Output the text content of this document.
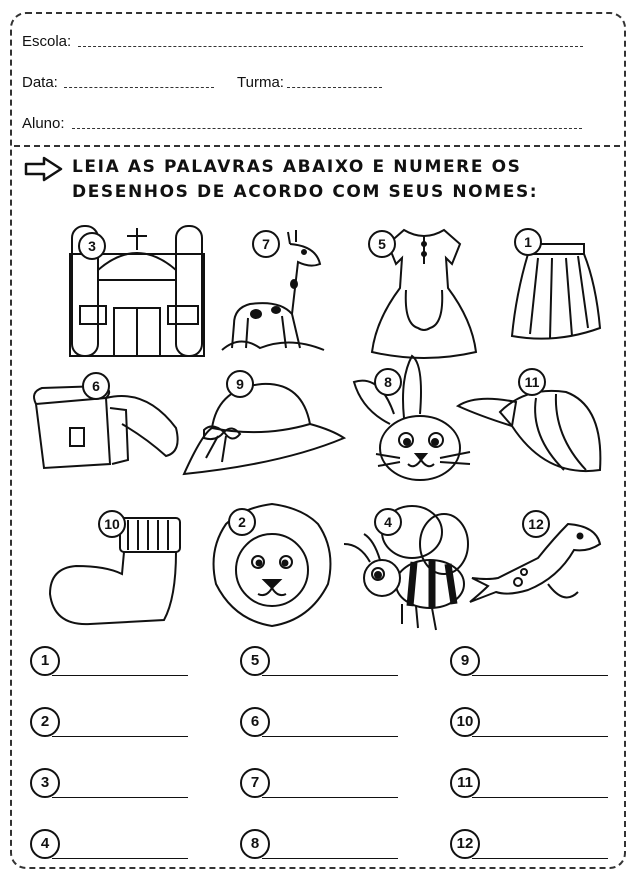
Escola:
Data:	Turma:
Aluno:
LEIA AS PALAVRAS ABAIXO E NUMERE OS
DESENHOS DE ACORDO COM SEUS NOMES:
3	7	5	1
6	9	8	11
10	2	4	12
1
2
3
4
5
6
7
8
9
10
11
12
